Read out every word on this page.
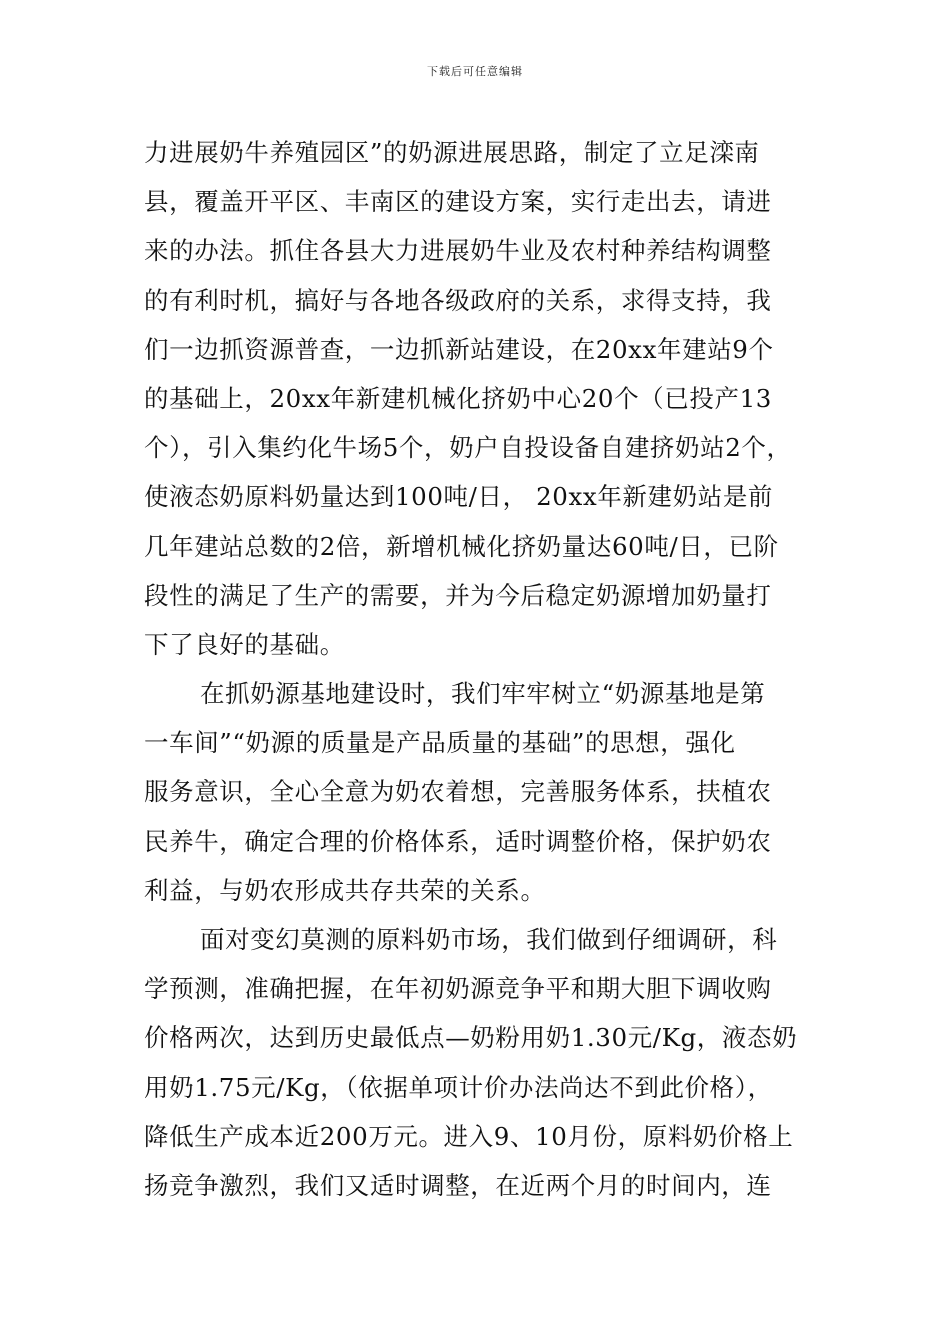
下载后可任意编辑
力进展奶牛养殖园区”的奶源进展思路，制定了立足滦南
县，覆盖开平区、丰南区的建设方案，实行走出去，请进
来的办法。抓住各县大力进展奶牛业及农村种养结构调整
的有利时机，搞好与各地各级政府的关系，求得支持，我
们一边抓资源普查，一边抓新站建设，在20xx年建站9个
的基础上，20xx年新建机械化挤奶中心20个（已投产13
个），引入集约化牛场5个，奶户自投设备自建挤奶站2个，
使液态奶原料奶量达到100吨/日， 20xx年新建奶站是前
几年建站总数的2倍，新增机械化挤奶量达60吨/日，已阶
段性的满足了生产的需要，并为今后稳定奶源增加奶量打
下了良好的基础。
在抓奶源基地建设时，我们牢牢树立“奶源基地是第
一车间”“奶源的质量是产品质量的基础”的思想，强化
服务意识，全心全意为奶农着想，完善服务体系，扶植农
民养牛，确定合理的价格体系，适时调整价格，保护奶农
利益，与奶农形成共存共荣的关系。
面对变幻莫测的原料奶市场，我们做到仔细调研，科
学预测，准确把握，在年初奶源竞争平和期大胆下调收购
价格两次，达到历史最低点—奶粉用奶1.30元/Kg，液态奶
用奶1.75元/Kg，（依据单项计价办法尚达不到此价格），
降低生产成本近200万元。进入9、10月份，原料奶价格上
扬竞争激烈，我们又适时调整，在近两个月的时间内，连
